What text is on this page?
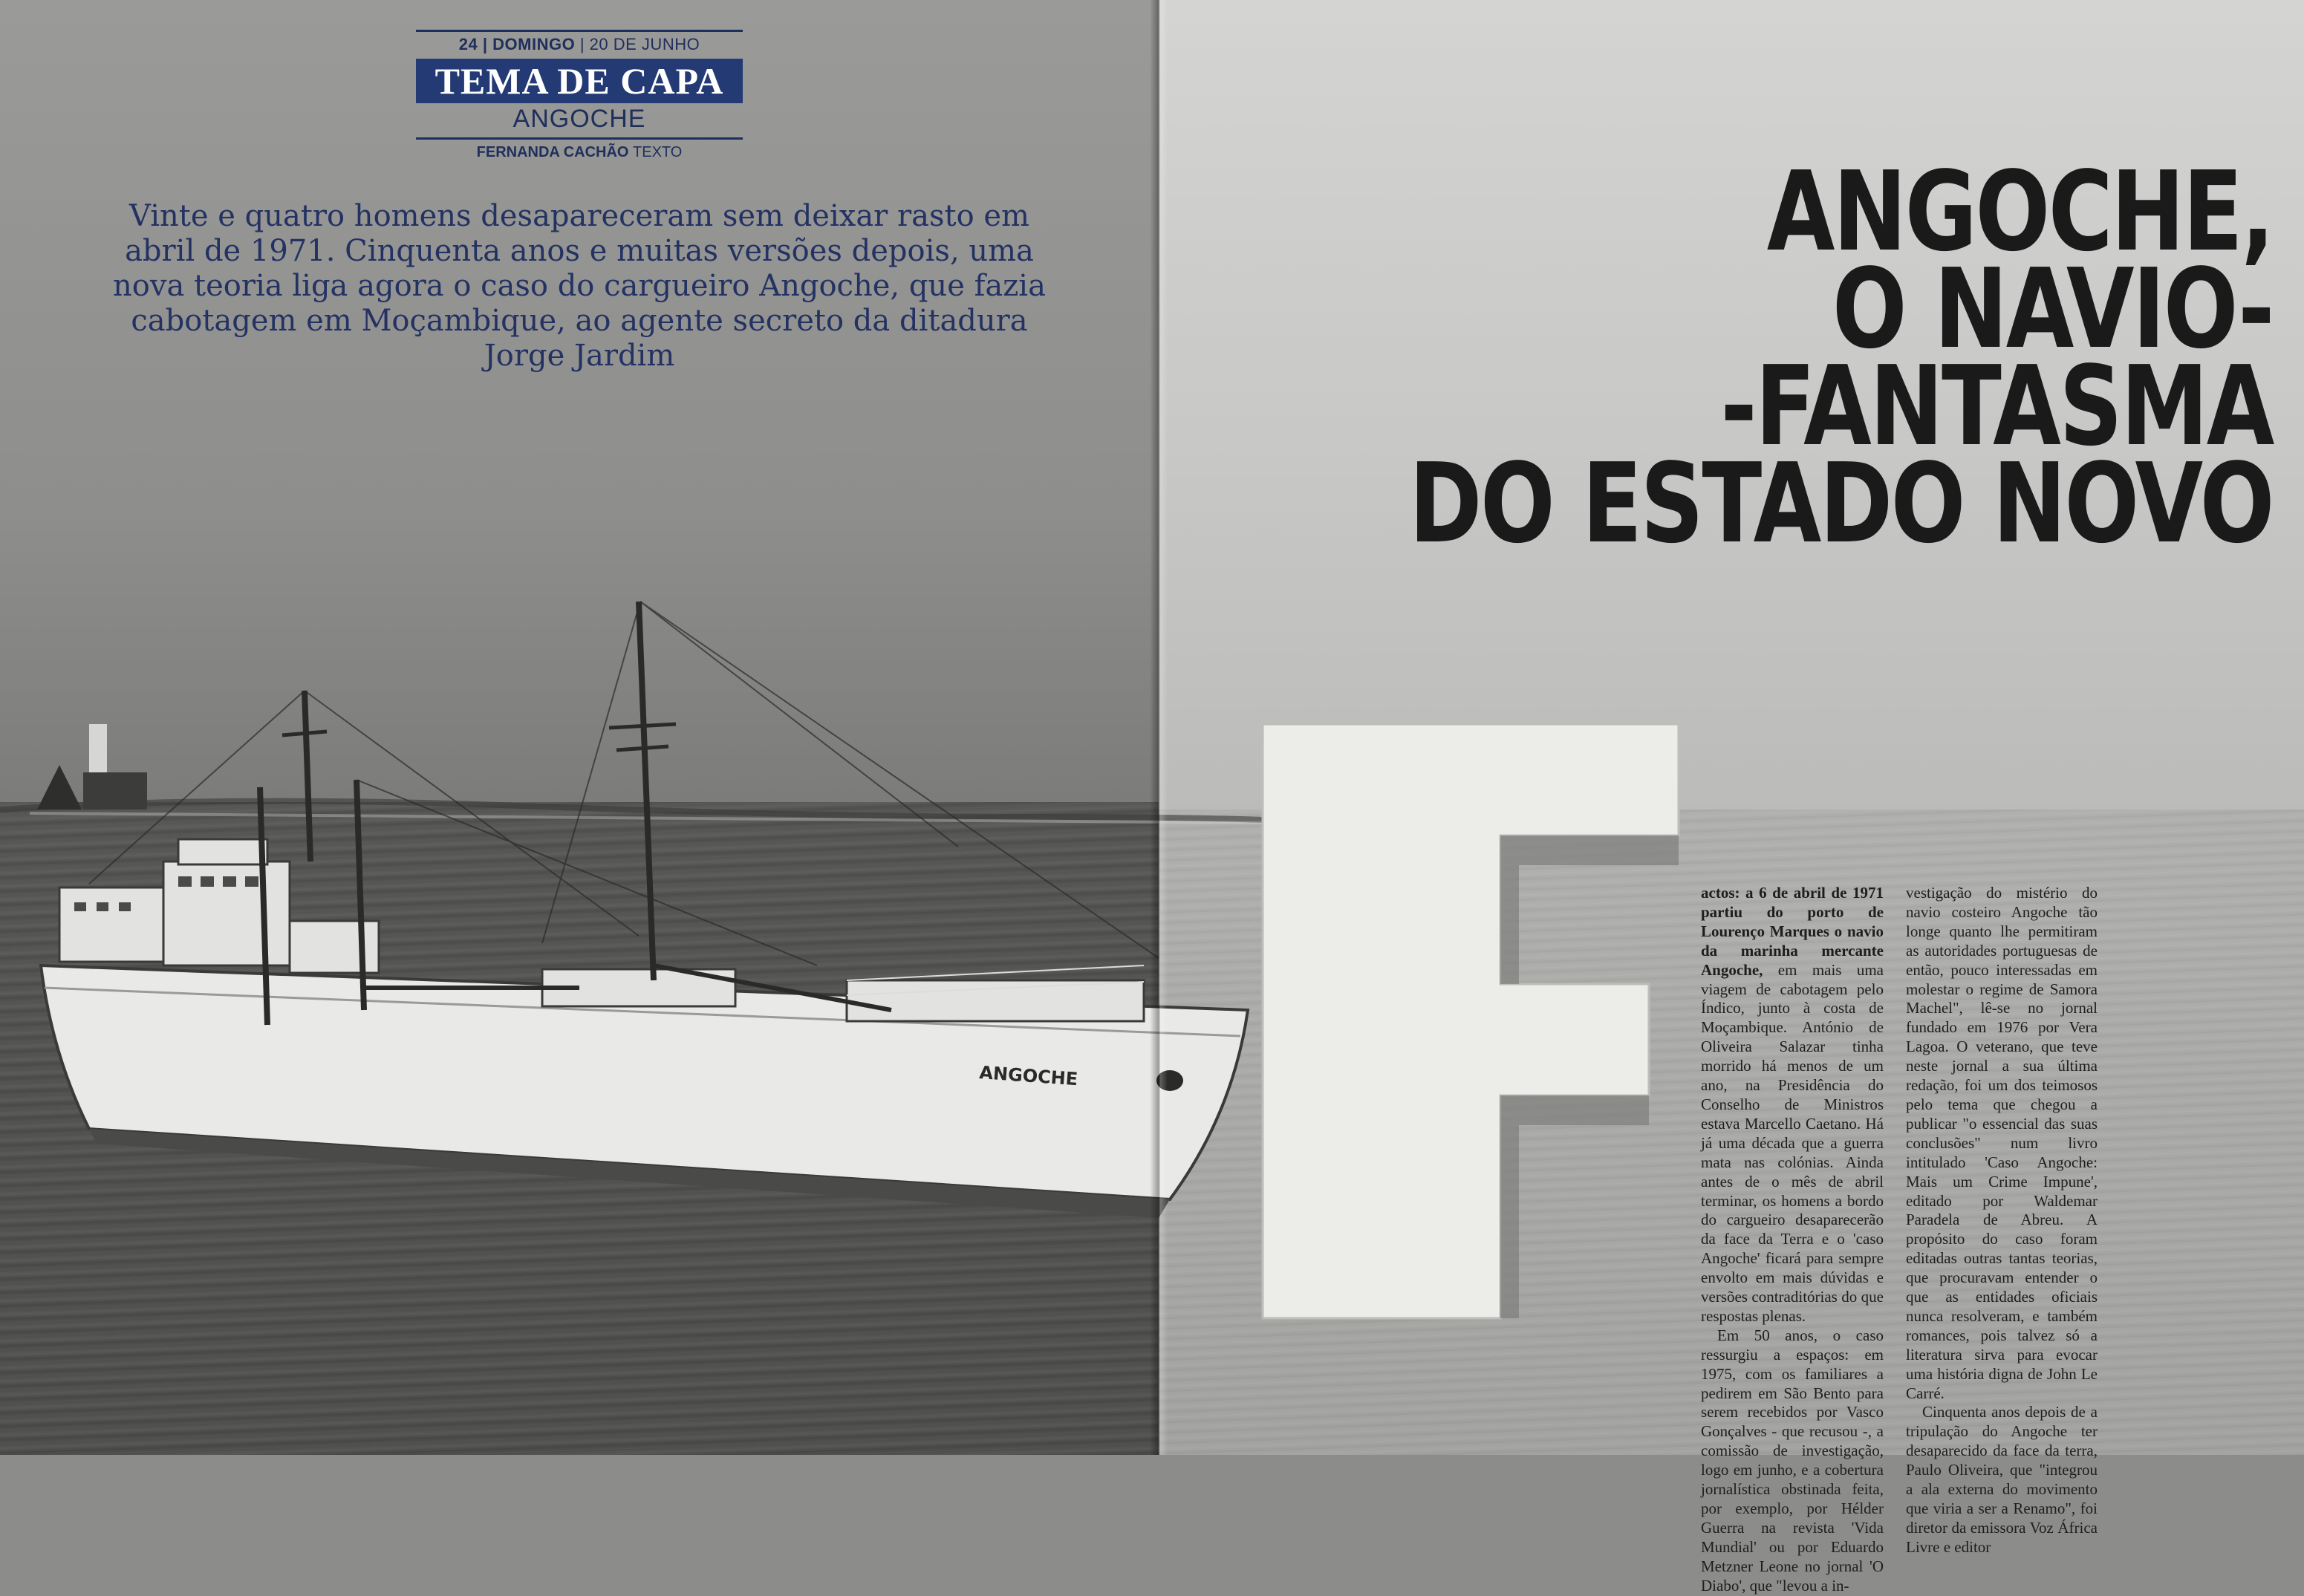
ANGOCHE
24 | DOMINGO | 20 DE JUNHO
TEMA DE CAPA
ANGOCHE
FERNANDA CACHÃO TEXTO
Vinte e quatro homens desapareceram sem deixar rasto em abril de 1971. Cinquenta anos e muitas versões depois, uma nova teoria liga agora o caso do cargueiro Angoche, que fazia cabotagem em Moçambique, ao agente secreto da ditadura Jorge Jardim
ANGOCHE,
O NAVIO-
-FANTASMA
DO ESTADO NOVO

actos: a 6 de abril de 1971 partiu do porto de Lourenço Marques o navio da marinha mercante Angoche, em mais uma viagem de cabotagem pelo Índico, junto à costa de Moçambique. António de Oliveira Salazar tinha morrido há menos de um ano, na Presidência do Conselho de Ministros estava Marcello Caetano. Há já uma década que a guerra mata nas colónias. Ainda antes de o mês de abril terminar, os homens a bordo do cargueiro desaparecerão da face da Terra e o 'caso Angoche' ficará para sempre envolto em mais dúvidas e versões contraditórias do que respostas plenas.

Em 50 anos, o caso ressurgiu a espaços: em 1975, com os familiares a pedirem em São Bento para serem recebidos por Vasco Gonçalves - que recusou -, a comissão de investigação, logo em junho, e a cobertura jornalística obstinada feita, por exemplo, por Hélder Guerra na revista 'Vida Mundial' ou por Eduardo Metzner Leone no jornal 'O Diabo', que "levou a in-

vestigação do mistério do navio costeiro Angoche tão longe quanto lhe permitiram as autoridades portuguesas de então, pouco interessadas em molestar o regime de Samora Machel", lê-se no jornal fundado em 1976 por Vera Lagoa. O veterano, que teve neste jornal a sua última redação, foi um dos teimosos pelo tema que chegou a publicar "o essencial das suas conclusões" num livro intitulado 'Caso Angoche: Mais um Crime Impune', editado por Waldemar Paradela de Abreu. A propósito do caso foram editadas outras tantas teorias, que procuravam entender o que as entidades oficiais nunca resolveram, e também romances, pois talvez só a literatura sirva para evocar uma história digna de John Le Carré.

Cinquenta anos depois de a tripulação do Angoche ter desaparecido da face da terra, Paulo Oliveira, que "integrou a ala externa do movimento que viria a ser a Renamo", foi diretor da emissora Voz África Livre e editor
